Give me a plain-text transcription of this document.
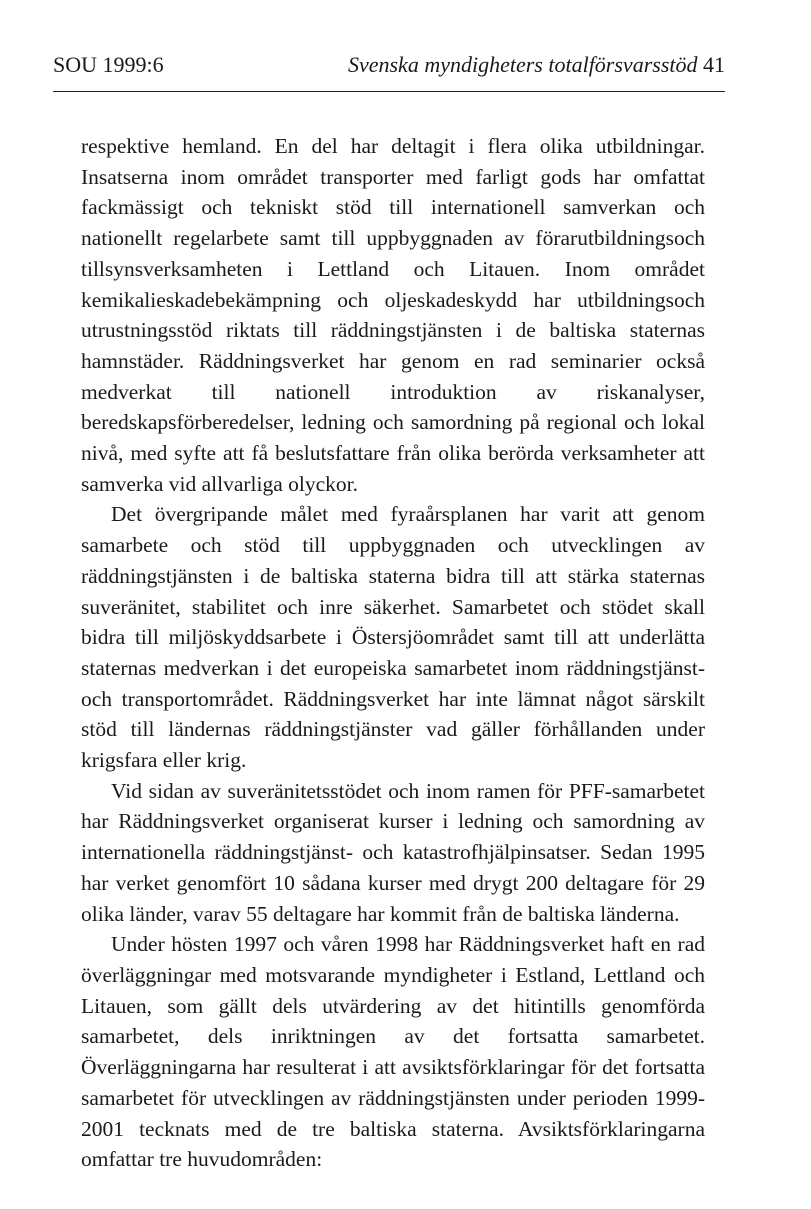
SOU 1999:6	Svenska myndigheters totalförsvarsstöd 41

respektive hemland. En del har deltagit i flera olika utbildningar. Insatserna inom området transporter med farligt gods har omfattat fackmässigt och tekniskt stöd till internationell samverkan och nationellt regelarbete samt till uppbyggnaden av förarutbildningsoch tillsynsverksamheten i Lettland och Litauen. Inom området kemikalieskadebekämpning och oljeskadeskydd har utbildningsoch utrustningsstöd riktats till räddningstjänsten i de baltiska staternas hamnstäder. Räddningsverket har genom en rad seminarier också medverkat till nationell introduktion av riskanalyser, beredskapsförberedelser, ledning och samordning på regional och lokal nivå, med syfte att få beslutsfattare från olika berörda verksamheter att samverka vid allvarliga olyckor.

Det övergripande målet med fyraårsplanen har varit att genom samarbete och stöd till uppbyggnaden och utvecklingen av räddningstjänsten i de baltiska staterna bidra till att stärka staternas suveränitet, stabilitet och inre säkerhet. Samarbetet och stödet skall bidra till miljöskyddsarbete i Östersjöområdet samt till att underlätta staternas medverkan i det europeiska samarbetet inom räddningstjänst- och transportområdet. Räddningsverket har inte lämnat något särskilt stöd till ländernas räddningstjänster vad gäller förhållanden under krigsfara eller krig.

Vid sidan av suveränitetsstödet och inom ramen för PFF-samarbetet har Räddningsverket organiserat kurser i ledning och samordning av internationella räddningstjänst- och katastrofhjälpinsatser. Sedan 1995 har verket genomfört 10 sådana kurser med drygt 200 deltagare för 29 olika länder, varav 55 deltagare har kommit från de baltiska länderna.

Under hösten 1997 och våren 1998 har Räddningsverket haft en rad överläggningar med motsvarande myndigheter i Estland, Lettland och Litauen, som gällt dels utvärdering av det hitintills genomförda samarbetet, dels inriktningen av det fortsatta samarbetet. Överläggningarna har resulterat i att avsiktsförklaringar för det fortsatta samarbetet för utvecklingen av räddningstjänsten under perioden 1999-2001 tecknats med de tre baltiska staterna. Avsiktsförklaringarna omfattar tre huvudområden:
